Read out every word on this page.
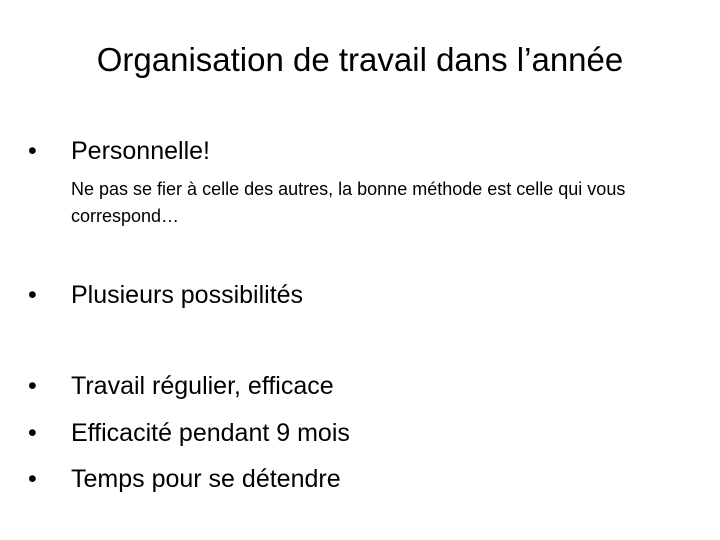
Organisation de travail dans l’année
• Personnelle!
Ne pas se fier à celle des autres, la bonne méthode est celle qui vous correspond…
• Plusieurs possibilités
• Travail régulier, efficace
• Efficacité pendant 9 mois
• Temps pour se détendre
